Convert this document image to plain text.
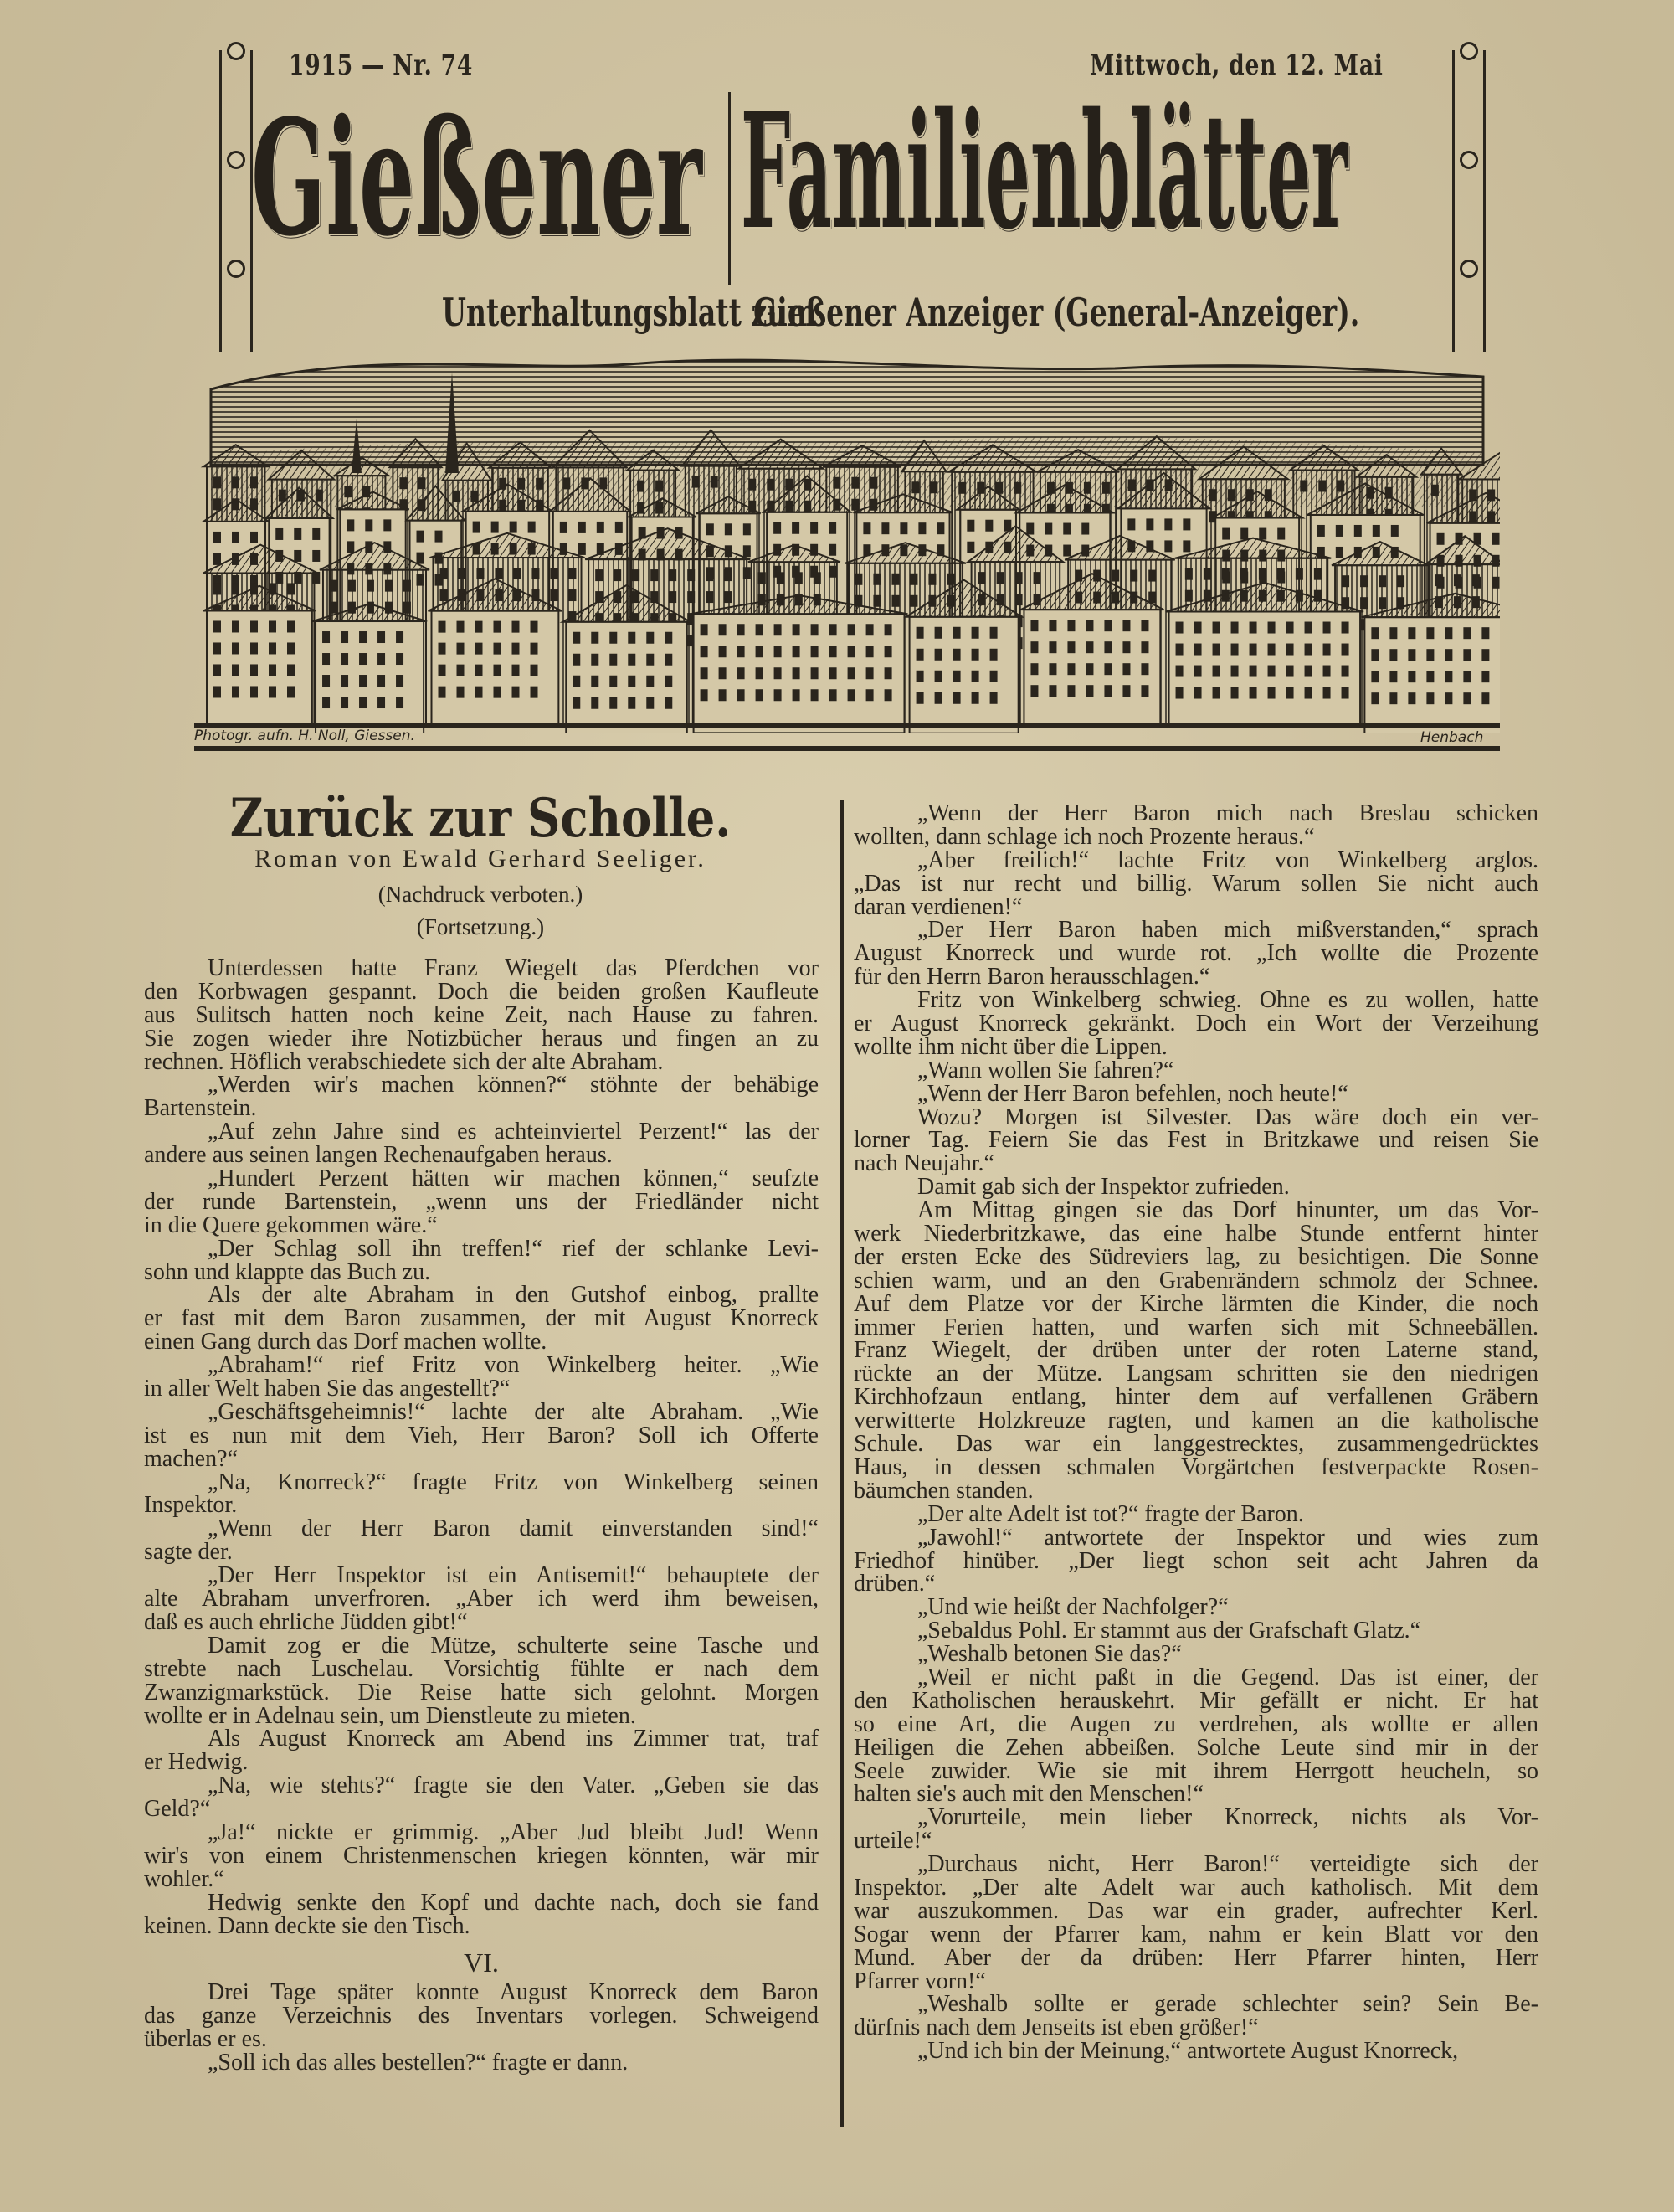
1915 — Nr. 74	Mittwoch, den 12. Mai
Gießener Familienblätter
Unterhaltungsblatt zum
Gießener Anzeiger (General-Anzeiger).
Photogr. aufn. H. Noll, Giessen.	Henbach
Zurück zur Scholle.
Roman von Ewald Gerhard Seeliger.
(Nachdruck verboten.)
(Fortsetzung.)
Unterdessen hatte Franz Wiegelt das Pferdchen vor
den Korbwagen gespannt. Doch die beiden großen Kaufleute
aus Sulitsch hatten noch keine Zeit, nach Hause zu fahren.
Sie zogen wieder ihre Notizbücher heraus und fingen an zu
rechnen. Höflich verabschiedete sich der alte Abraham.
„Werden wir's machen können?“ stöhnte der behäbige
Bartenstein.
„Auf zehn Jahre sind es achteinviertel Perzent!“ las der
andere aus seinen langen Rechenaufgaben heraus.
„Hundert Perzent hätten wir machen können,“ seufzte
der runde Bartenstein, „wenn uns der Friedländer nicht
in die Quere gekommen wäre.“
„Der Schlag soll ihn treffen!“ rief der schlanke Levi-
sohn und klappte das Buch zu.
Als der alte Abraham in den Gutshof einbog, prallte
er fast mit dem Baron zusammen, der mit August Knorreck
einen Gang durch das Dorf machen wollte.
„Abraham!“ rief Fritz von Winkelberg heiter. „Wie
in aller Welt haben Sie das angestellt?“
„Geschäftsgeheimnis!“ lachte der alte Abraham. „Wie
ist es nun mit dem Vieh, Herr Baron? Soll ich Offerte
machen?“
„Na, Knorreck?“ fragte Fritz von Winkelberg seinen
Inspektor.
„Wenn der Herr Baron damit einverstanden sind!“
sagte der.
„Der Herr Inspektor ist ein Antisemit!“ behauptete der
alte Abraham unverfroren. „Aber ich werd ihm beweisen,
daß es auch ehrliche Jüdden gibt!“
Damit zog er die Mütze, schulterte seine Tasche und
strebte nach Luschelau. Vorsichtig fühlte er nach dem
Zwanzigmarkstück. Die Reise hatte sich gelohnt. Morgen
wollte er in Adelnau sein, um Dienstleute zu mieten.
Als August Knorreck am Abend ins Zimmer trat, traf
er Hedwig.
„Na, wie stehts?“ fragte sie den Vater. „Geben sie das
Geld?“
„Ja!“ nickte er grimmig. „Aber Jud bleibt Jud! Wenn
wir's von einem Christenmenschen kriegen könnten, wär mir
wohler.“
Hedwig senkte den Kopf und dachte nach, doch sie fand
keinen. Dann deckte sie den Tisch.
VI.
Drei Tage später konnte August Knorreck dem Baron
das ganze Verzeichnis des Inventars vorlegen. Schweigend
überlas er es.
„Soll ich das alles bestellen?“ fragte er dann.
„Wenn der Herr Baron mich nach Breslau schicken
wollten, dann schlage ich noch Prozente heraus.“
„Aber freilich!“ lachte Fritz von Winkelberg arglos.
„Das ist nur recht und billig. Warum sollen Sie nicht auch
daran verdienen!“
„Der Herr Baron haben mich mißverstanden,“ sprach
August Knorreck und wurde rot. „Ich wollte die Prozente
für den Herrn Baron herausschlagen.“
Fritz von Winkelberg schwieg. Ohne es zu wollen, hatte
er August Knorreck gekränkt. Doch ein Wort der Verzeihung
wollte ihm nicht über die Lippen.
„Wann wollen Sie fahren?“
„Wenn der Herr Baron befehlen, noch heute!“
Wozu? Morgen ist Silvester. Das wäre doch ein ver-
lorner Tag. Feiern Sie das Fest in Britzkawe und reisen Sie
nach Neujahr.“
Damit gab sich der Inspektor zufrieden.
Am Mittag gingen sie das Dorf hinunter, um das Vor-
werk Niederbritzkawe, das eine halbe Stunde entfernt hinter
der ersten Ecke des Südreviers lag, zu besichtigen. Die Sonne
schien warm, und an den Grabenrändern schmolz der Schnee.
Auf dem Platze vor der Kirche lärmten die Kinder, die noch
immer Ferien hatten, und warfen sich mit Schneebällen.
Franz Wiegelt, der drüben unter der roten Laterne stand,
rückte an der Mütze. Langsam schritten sie den niedrigen
Kirchhofzaun entlang, hinter dem auf verfallenen Gräbern
verwitterte Holzkreuze ragten, und kamen an die katholische
Schule. Das war ein langgestrecktes, zusammengedrücktes
Haus, in dessen schmalen Vorgärtchen festverpackte Rosen-
bäumchen standen.
„Der alte Adelt ist tot?“ fragte der Baron.
„Jawohl!“ antwortete der Inspektor und wies zum
Friedhof hinüber. „Der liegt schon seit acht Jahren da
drüben.“
„Und wie heißt der Nachfolger?“
„Sebaldus Pohl. Er stammt aus der Grafschaft Glatz.“
„Weshalb betonen Sie das?“
„Weil er nicht paßt in die Gegend. Das ist einer, der
den Katholischen herauskehrt. Mir gefällt er nicht. Er hat
so eine Art, die Augen zu verdrehen, als wollte er allen
Heiligen die Zehen abbeißen. Solche Leute sind mir in der
Seele zuwider. Wie sie mit ihrem Herrgott heucheln, so
halten sie's auch mit den Menschen!“
„Vorurteile, mein lieber Knorreck, nichts als Vor-
urteile!“
„Durchaus nicht, Herr Baron!“ verteidigte sich der
Inspektor. „Der alte Adelt war auch katholisch. Mit dem
war auszukommen. Das war ein grader, aufrechter Kerl.
Sogar wenn der Pfarrer kam, nahm er kein Blatt vor den
Mund. Aber der da drüben: Herr Pfarrer hinten, Herr
Pfarrer vorn!“
„Weshalb sollte er gerade schlechter sein? Sein Be-
dürfnis nach dem Jenseits ist eben größer!“
„Und ich bin der Meinung,“ antwortete August Knorreck,
